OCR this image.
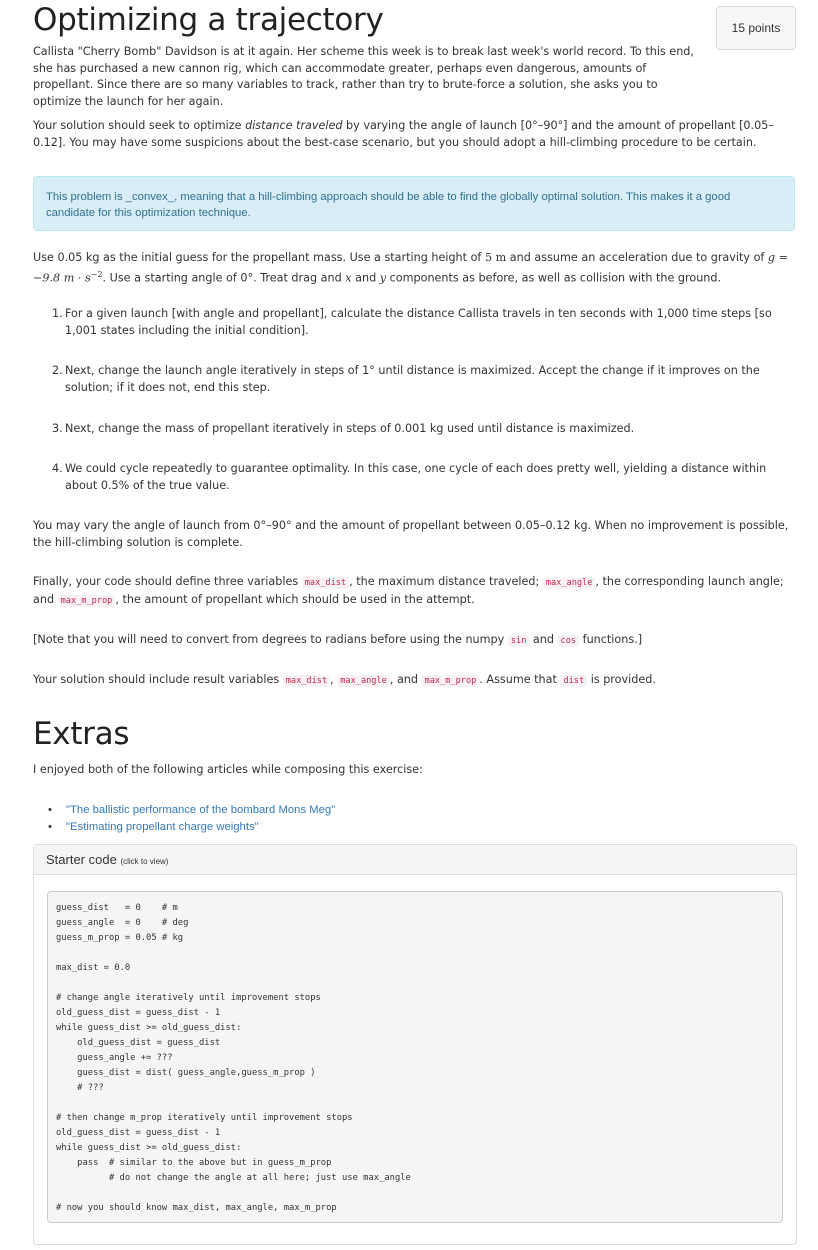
Optimizing a trajectory	15 points

Callista "Cherry Bomb" Davidson is at it again. Her scheme this week is to break last week's world record. To this end, she has purchased a new cannon rig, which can accommodate greater, perhaps even dangerous, amounts of propellant. Since there are so many variables to track, rather than try to brute-force a solution, she asks you to optimize the launch for her again.

Your solution should seek to optimize distance traveled by varying the angle of launch [0°–90°] and the amount of propellant [0.05–0.12]. You may have some suspicions about the best-case scenario, but you should adopt a hill-climbing procedure to be certain.

This problem is _convex_, meaning that a hill-climbing approach should be able to find the globally optimal solution. This makes it a good candidate for this optimization technique.

Use 0.05 kg as the initial guess for the propellant mass. Use a starting height of 5 m and assume an acceleration due to gravity of g = −9.8 $m \cdot s^{-2}$. Use a starting angle of 0°. Treat drag and x and y components as before, as well as collision with the ground.

1. For a given launch [with angle and propellant], calculate the distance Callista travels in ten seconds with 1,000 time steps [so 1,001 states including the initial condition].
2. Next, change the launch angle iteratively in steps of 1° until distance is maximized. Accept the change if it improves on the solution; if it does not, end this step.
3. Next, change the mass of propellant iteratively in steps of 0.001 kg used until distance is maximized.
4. We could cycle repeatedly to guarantee optimality. In this case, one cycle of each does pretty well, yielding a distance within about 0.5% of the true value.

You may vary the angle of launch from 0°–90° and the amount of propellant between 0.05–0.12 kg. When no improvement is possible, the hill-climbing solution is complete.

Finally, your code should define three variables max_dist , the maximum distance traveled; max_angle , the corresponding launch angle; and max_m_prop , the amount of propellant which should be used in the attempt.

[Note that you will need to convert from degrees to radians before using the numpy sin and cos functions.]

Your solution should include result variables max_dist , max_angle , and max_m_prop . Assume that dist is provided.

Extras

I enjoyed both of the following articles while composing this exercise:

• "The ballistic performance of the bombard Mons Meg"
• "Estimating propellant charge weights"
Starter code (click to view)
guess_dist   = 0    # m
guess_angle  = 0    # deg
guess_m_prop = 0.05 # kg

max_dist = 0.0

# change angle iteratively until improvement stops
old_guess_dist = guess_dist - 1
while guess_dist >= old_guess_dist:
old_guess_dist = guess_dist
guess_angle += ???
guess_dist = dist( guess_angle,guess_m_prop )
# ???

# then change m_prop iteratively until improvement stops
old_guess_dist = guess_dist - 1
while guess_dist >= old_guess_dist:
pass  # similar to the above but in guess_m_prop
# do not change the angle at all here; just use max_angle

# now you should know max_dist, max_angle, max_m_prop
